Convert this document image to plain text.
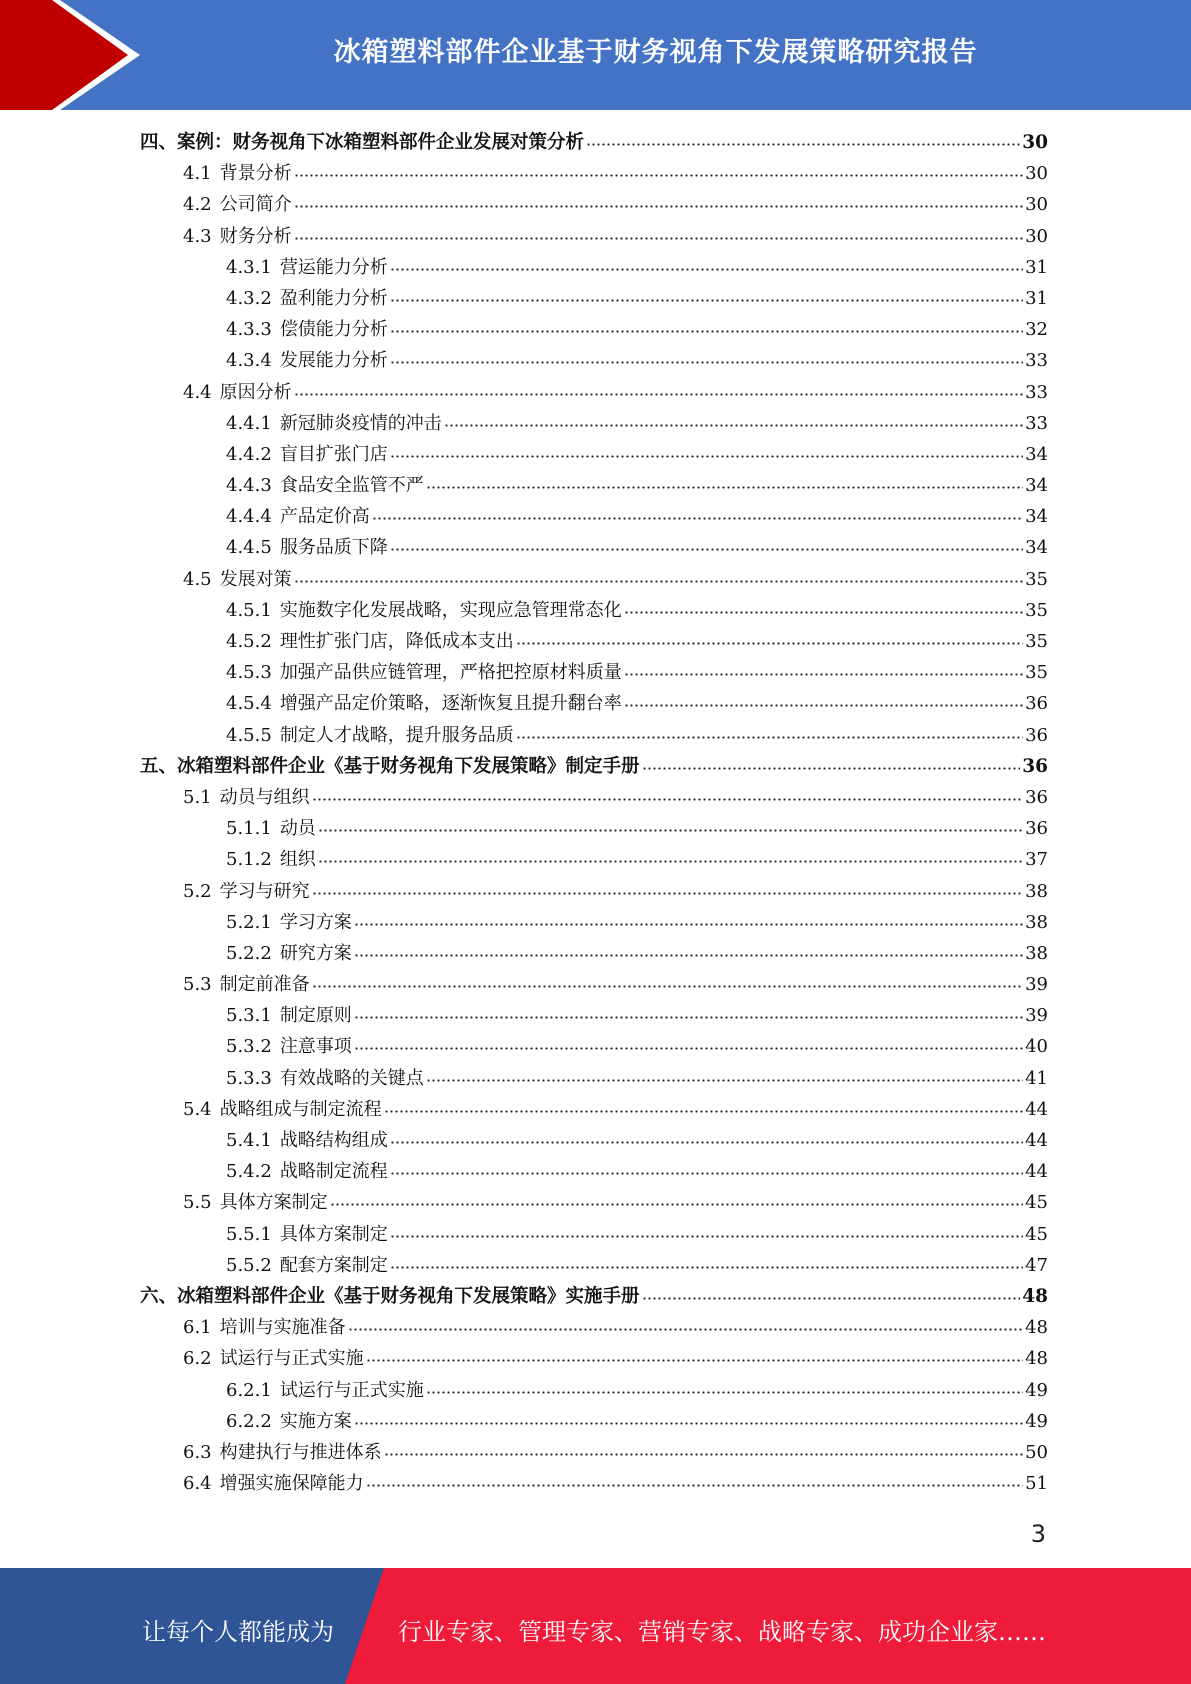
冰箱塑料部件企业基于财务视角下发展策略研究报告
四、 案例：财务视角下冰箱塑料部件企业发展对策分析	30
4.1 背景分析	30
4.2 公司简介	30
4.3 财务分析	30
4.3.1 营运能力分析	31
4.3.2 盈利能力分析	31
4.3.3 偿债能力分析	32
4.3.4 发展能力分析	33
4.4 原因分析	33
4.4.1 新冠肺炎疫情的冲击	33
4.4.2 盲目扩张门店	34
4.4.3 食品安全监管不严	34
4.4.4 产品定价高	34
4.4.5 服务品质下降	34
4.5 发展对策	35
4.5.1 实施数字化发展战略，实现应急管理常态化	35
4.5.2 理性扩张门店，降低成本支出	35
4.5.3 加强产品供应链管理，严格把控原材料质量	35
4.5.4 增强产品定价策略，逐渐恢复且提升翻台率	36
4.5.5 制定人才战略，提升服务品质	36
五、 冰箱塑料部件企业《基于财务视角下发展策略》制定手册	36
5.1 动员与组织	36
5.1.1 动员	36
5.1.2 组织	37
5.2 学习与研究	38
5.2.1 学习方案	38
5.2.2 研究方案	38
5.3 制定前准备	39
5.3.1 制定原则	39
5.3.2 注意事项	40
5.3.3 有效战略的关键点	41
5.4 战略组成与制定流程	44
5.4.1 战略结构组成	44
5.4.2 战略制定流程	44
5.5 具体方案制定	45
5.5.1 具体方案制定	45
5.5.2 配套方案制定	47
六、 冰箱塑料部件企业《基于财务视角下发展策略》实施手册	48
6.1 培训与实施准备	48
6.2 试运行与正式实施	48
6.2.1 试运行与正式实施	49
6.2.2 实施方案	49
6.3 构建执行与推进体系	50
6.4 增强实施保障能力	51
3
让每个人都能成为	行业专家、管理专家、营销专家、战略专家、成功企业家……
